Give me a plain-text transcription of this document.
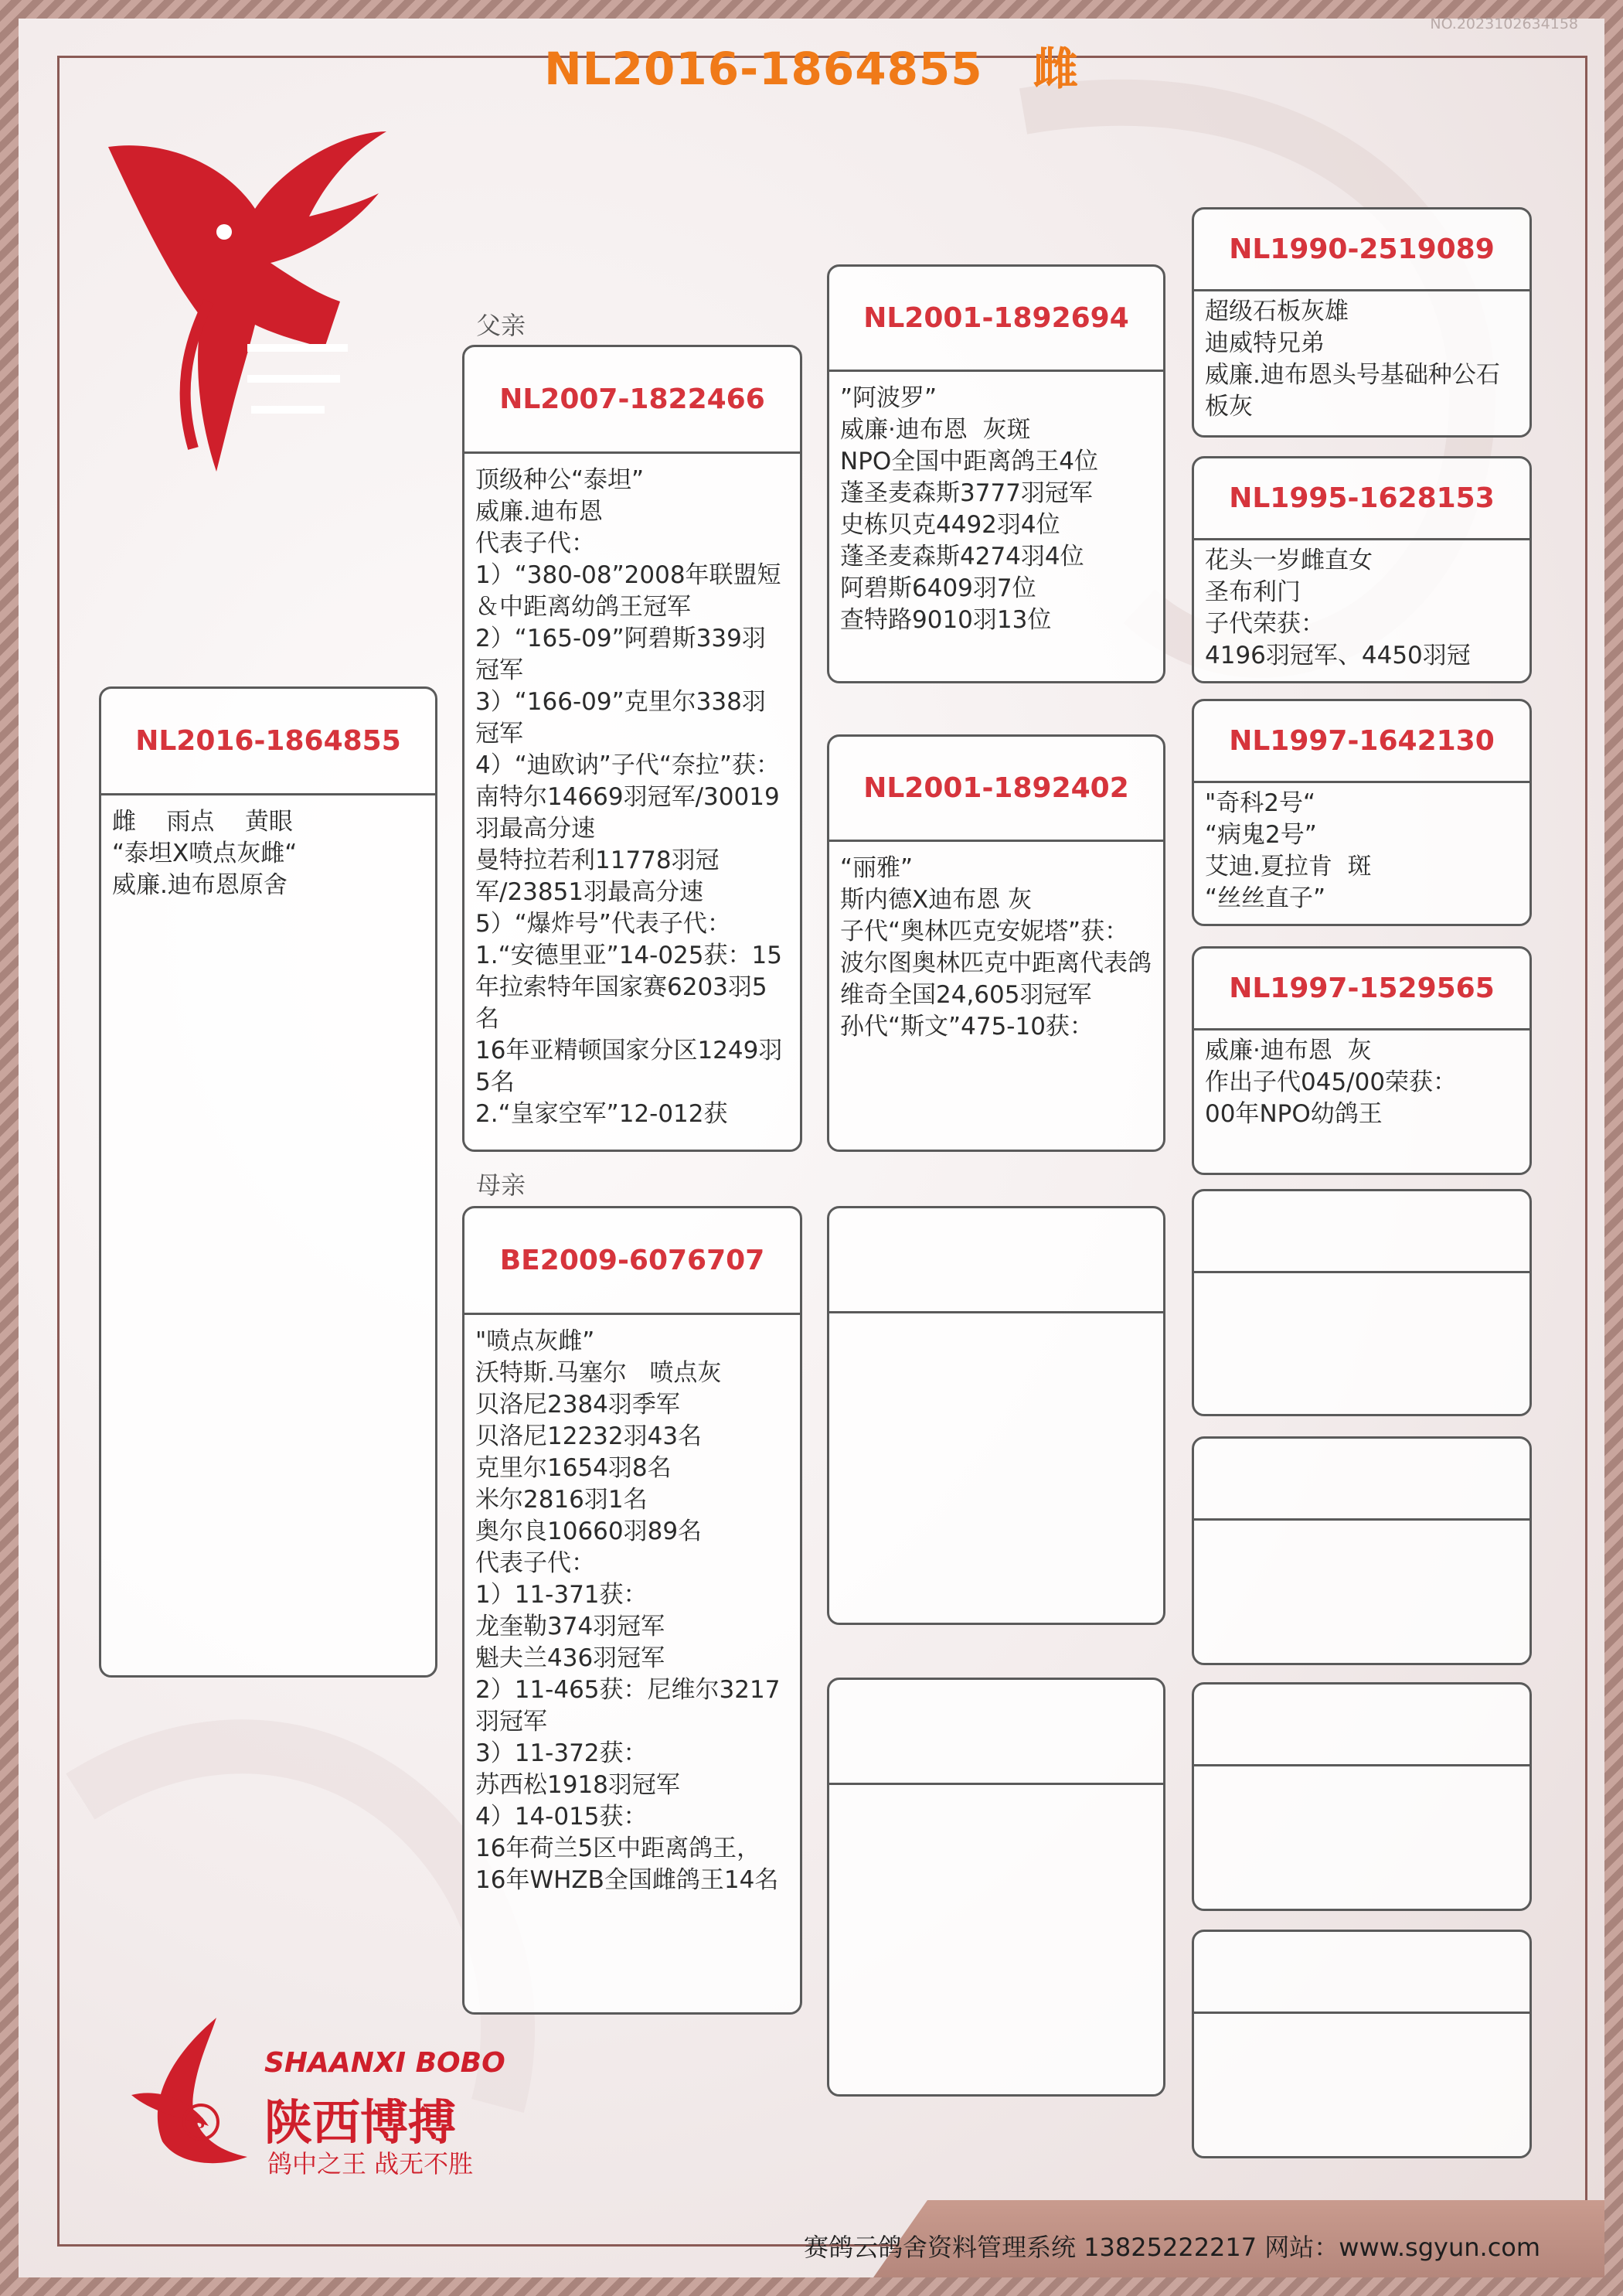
NO.2023102634158
NL2016-1864855 雌
NL2016-1864855
雌    雨点    黄眼
“泰坦X喷点灰雌“
威廉.迪布恩原舍
父亲
NL2007-1822466
顶级种公“泰坦”
威廉.迪布恩
代表子代：
1）“380-08”2008年联盟短＆中距离幼鸽王冠军
2）“165-09”阿碧斯339羽冠军
3）“166-09”克里尔338羽冠军
4）“迪欧讷”子代“奈拉”获：南特尔14669羽冠军/30019羽最高分速
曼特拉若利11778羽冠军/23851羽最高分速
5）“爆炸号”代表子代：1.“安德里亚”14-025获：15年拉索特年国家赛6203羽5名
16年亚精顿国家分区1249羽5名
2.“皇家空军”12-012获
母亲
BE2009-6076707
"喷点灰雌”
沃特斯.马塞尔   喷点灰
贝洛尼2384羽季军
贝洛尼12232羽43名
克里尔1654羽8名
米尔2816羽1名
奥尔良10660羽89名
代表子代：
1）11-371获：
龙奎勒374羽冠军
魁夫兰436羽冠军
2）11-465获：尼维尔3217羽冠军
3）11-372获：
苏西松1918羽冠军
4）14-015获：
16年荷兰5区中距离鸽王，16年WHZB全国雌鸽王14名
NL2001-1892694
”阿波罗”
威廉·迪布恩  灰斑
NPO全国中距离鸽王4位
蓬圣麦森斯3777羽冠军
史栋贝克4492羽4位
蓬圣麦森斯4274羽4位
阿碧斯6409羽7位
查特路9010羽13位
NL2001-1892402
“丽雅”
斯内德X迪布恩 灰
子代“奥林匹克安妮塔”获：
波尔图奥林匹克中距离代表鸽
维奇全国24,605羽冠军
孙代“斯文”475-10获：
NL1990-2519089
超级石板灰雄
迪威特兄弟
威廉.迪布恩头号基础种公石板灰
NL1995-1628153
花头一岁雌直女
圣布利门
子代荣获：
4196羽冠军、4450羽冠
NL1997-1642130
"奇科2号“
“病鬼2号”
艾迪.夏拉肯  斑
“丝丝直子”
NL1997-1529565
威廉·迪布恩  灰
作出子代045/00荣获：
00年NPO幼鸽王
B
SHAANXI BOBO
陕西博搏
鸽中之王 战无不胜
赛鸽云鸽舍资料管理系统 13825222217 网站：www.sgyun.com
